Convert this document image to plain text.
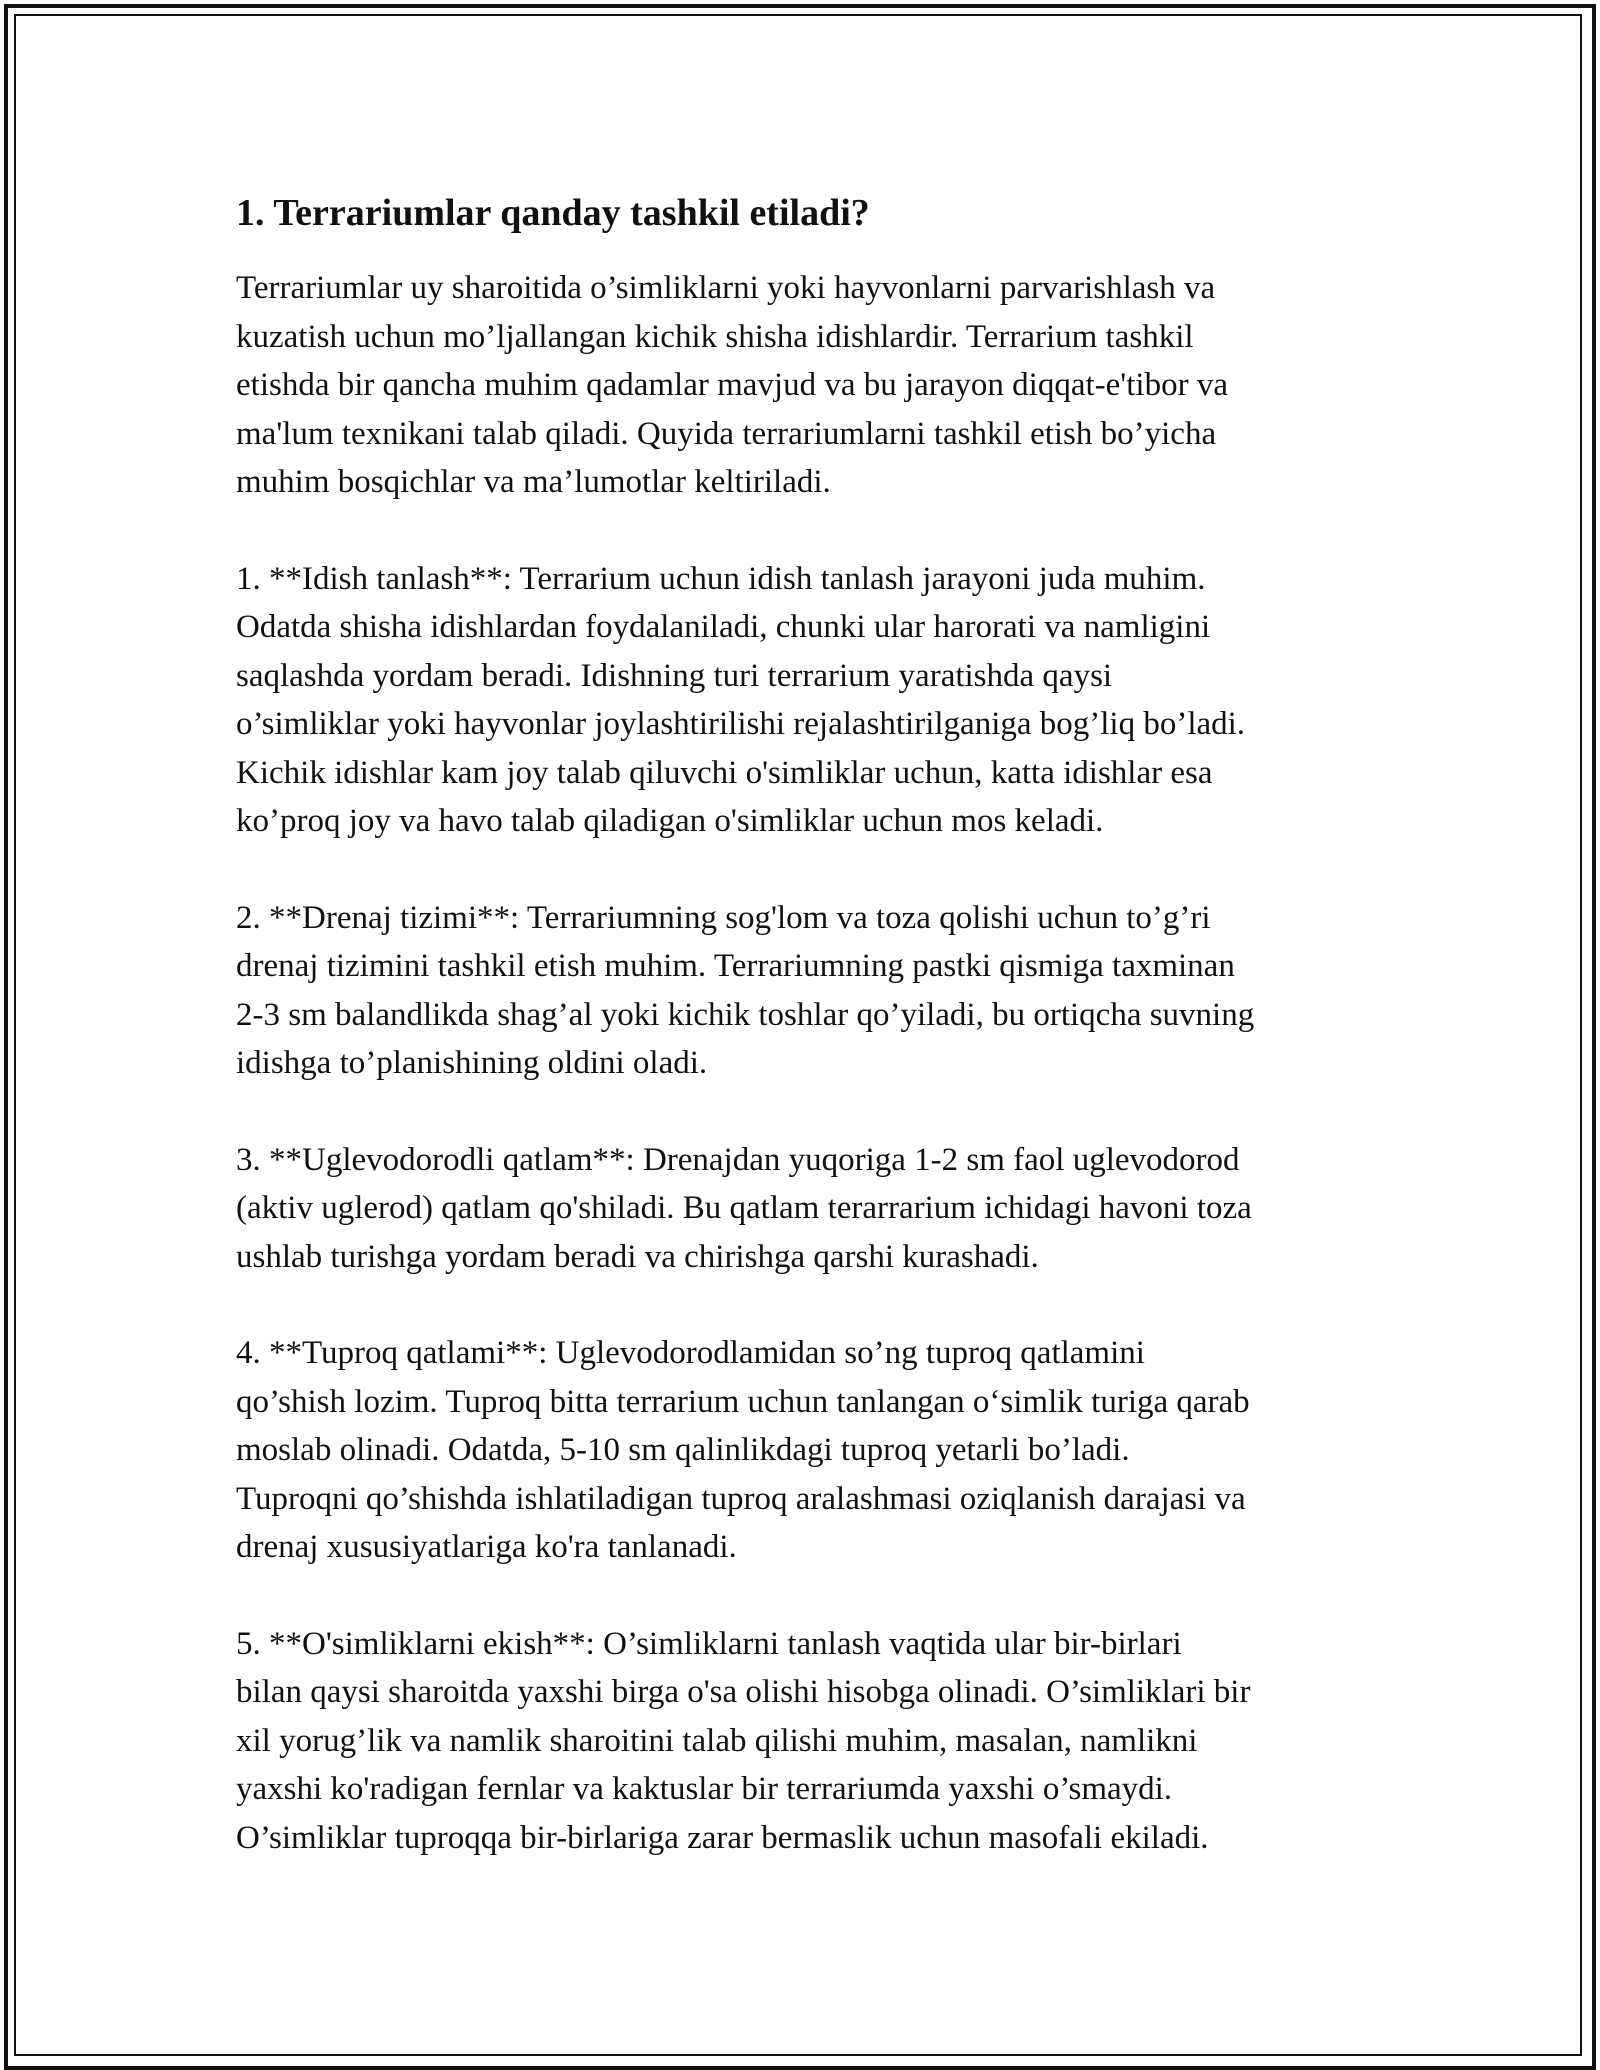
1. Terrariumlar qanday tashkil etiladi?

Terrariumlar uy sharoitida o’simliklarni yoki hayvonlarni parvarishlash va
kuzatish uchun mo’ljallangan kichik shisha idishlardir. Terrarium tashkil
etishda bir qancha muhim qadamlar mavjud va bu jarayon diqqat-e'tibor va
ma'lum texnikani talab qiladi. Quyida terrariumlarni tashkil etish bo’yicha
muhim bosqichlar va ma’lumotlar keltiriladi.

1. **Idish tanlash**: Terrarium uchun idish tanlash jarayoni juda muhim.
Odatda shisha idishlardan foydalaniladi, chunki ular harorati va namligini
saqlashda yordam beradi. Idishning turi terrarium yaratishda qaysi
o’simliklar yoki hayvonlar joylashtirilishi rejalashtirilganiga bog’liq bo’ladi.
Kichik idishlar kam joy talab qiluvchi o'simliklar uchun, katta idishlar esa
ko’proq joy va havo talab qiladigan o'simliklar uchun mos keladi.

2. **Drenaj tizimi**: Terrariumning sog'lom va toza qolishi uchun to’g’ri
drenaj tizimini tashkil etish muhim. Terrariumning pastki qismiga taxminan
2-3 sm balandlikda shag’al yoki kichik toshlar qo’yiladi, bu ortiqcha suvning
idishga to’planishining oldini oladi.

3. **Uglevodorodli qatlam**: Drenajdan yuqoriga 1-2 sm faol uglevodorod
(aktiv uglerod) qatlam qo'shiladi. Bu qatlam terarrarium ichidagi havoni toza
ushlab turishga yordam beradi va chirishga qarshi kurashadi.

4. **Tuproq qatlami**: Uglevodorodlamidan so’ng tuproq qatlamini
qo’shish lozim. Tuproq bitta terrarium uchun tanlangan o‘simlik turiga qarab
moslab olinadi. Odatda, 5-10 sm qalinlikdagi tuproq yetarli bo’ladi.
Tuproqni qo’shishda ishlatiladigan tuproq aralashmasi oziqlanish darajasi va
drenaj xususiyatlariga ko'ra tanlanadi.

5. **O'simliklarni ekish**: O’simliklarni tanlash vaqtida ular bir-birlari
bilan qaysi sharoitda yaxshi birga o'sa olishi hisobga olinadi. O’simliklari bir
xil yorug’lik va namlik sharoitini talab qilishi muhim, masalan, namlikni
yaxshi ko'radigan fernlar va kaktuslar bir terrariumda yaxshi o’smaydi.
O’simliklar tuproqqa bir-birlariga zarar bermaslik uchun masofali ekiladi.
